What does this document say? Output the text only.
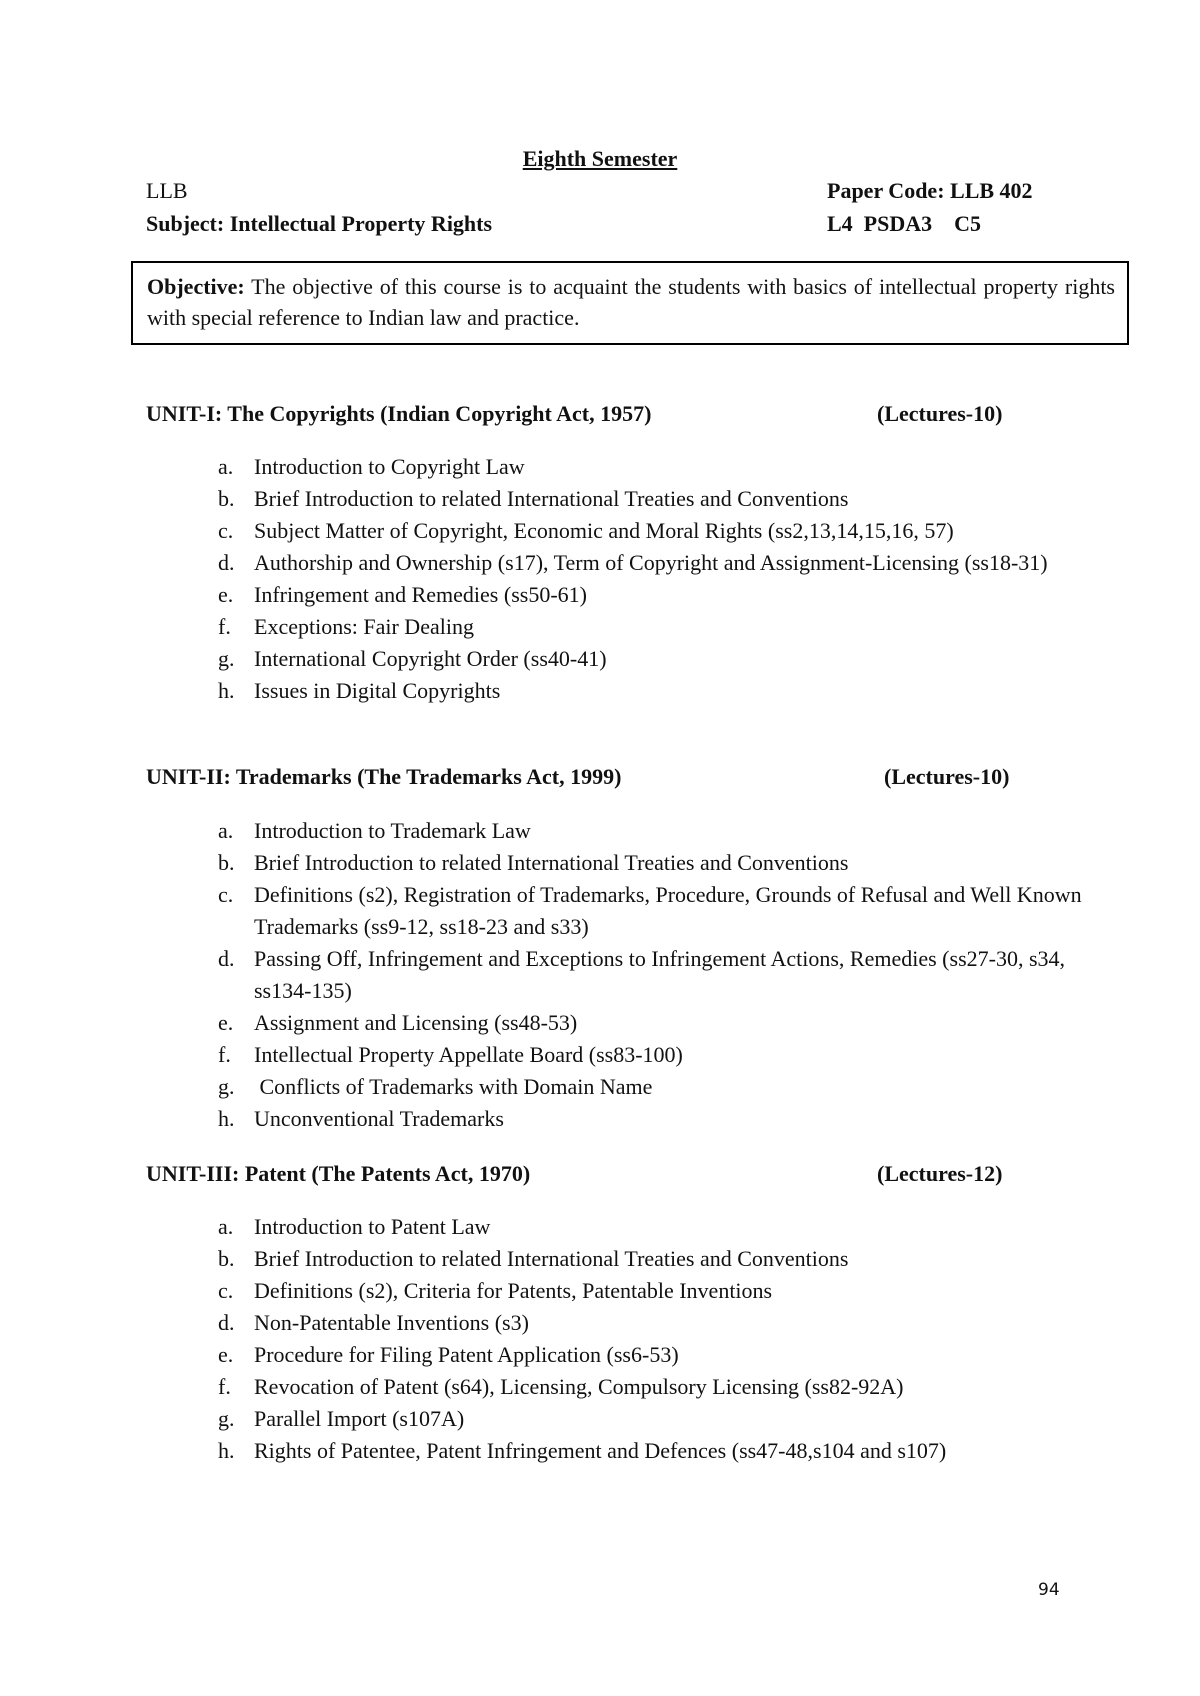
Eighth Semester
LLB	Paper Code: LLB 402
Subject: Intellectual Property Rights	L4  PSDA3    C5
Objective: The objective of this course is to acquaint the students with basics of intellectual property rights with special reference to Indian law and practice.
UNIT-I: The Copyrights (Indian Copyright Act, 1957)	(Lectures-10)
a. Introduction to Copyright Law
b. Brief Introduction to related International Treaties and Conventions
c. Subject Matter of Copyright, Economic and Moral Rights (ss2,13,14,15,16, 57)
d. Authorship and Ownership (s17), Term of Copyright and Assignment-Licensing (ss18-31)
e. Infringement and Remedies (ss50-61)
f.	Exceptions: Fair Dealing
g. International Copyright Order (ss40-41)
h. Issues in Digital Copyrights
UNIT-II: Trademarks (The Trademarks Act, 1999)	(Lectures-10)
a. Introduction to Trademark Law
b. Brief Introduction to related International Treaties and Conventions
c. Definitions (s2), Registration of Trademarks, Procedure, Grounds of Refusal and Well Known Trademarks (ss9-12, ss18-23 and s33)
d. Passing Off, Infringement and Exceptions to Infringement Actions, Remedies (ss27-30, s34, ss134-135)
e. Assignment and Licensing (ss48-53)
f.	Intellectual Property Appellate Board (ss83-100)
g. Conflicts of Trademarks with Domain Name
h. Unconventional Trademarks
UNIT-III: Patent (The Patents Act, 1970)	(Lectures-12)
a. Introduction to Patent Law
b. Brief Introduction to related International Treaties and Conventions
c. Definitions (s2), Criteria for Patents, Patentable Inventions
d. Non-Patentable Inventions (s3)
e. Procedure for Filing Patent Application (ss6-53)
f.	Revocation of Patent (s64), Licensing, Compulsory Licensing (ss82-92A)
g. Parallel Import (s107A)
h. Rights of Patentee, Patent Infringement and Defences (ss47-48,s104 and s107)
94
